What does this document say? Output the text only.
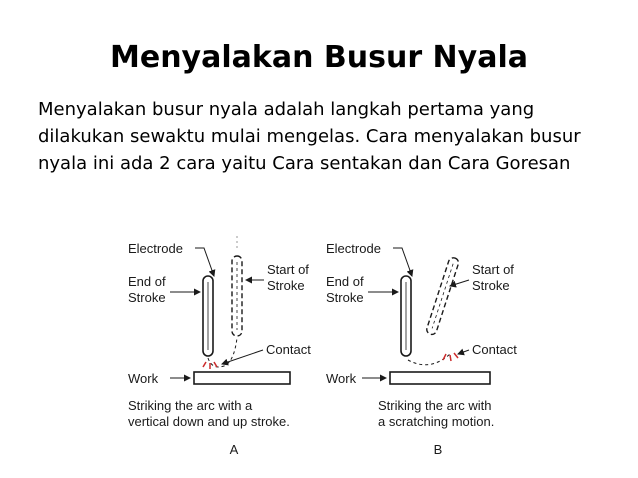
Menyalakan Busur Nyala

Menyalakan busur nyala adalah langkah pertama yang dilakukan sewaktu mulai mengelas. Cara menyalakan busur nyala ini ada 2 cara yaitu Cara sentakan dan Cara Goresan

Electrode
End of
Stroke
Start of
Stroke
Contact
Work
Striking the arc with a
vertical down and up stroke.
A
Electrode
End of
Stroke
Start of
Stroke
Contact
Work
Striking the arc with
a scratching motion.
B
